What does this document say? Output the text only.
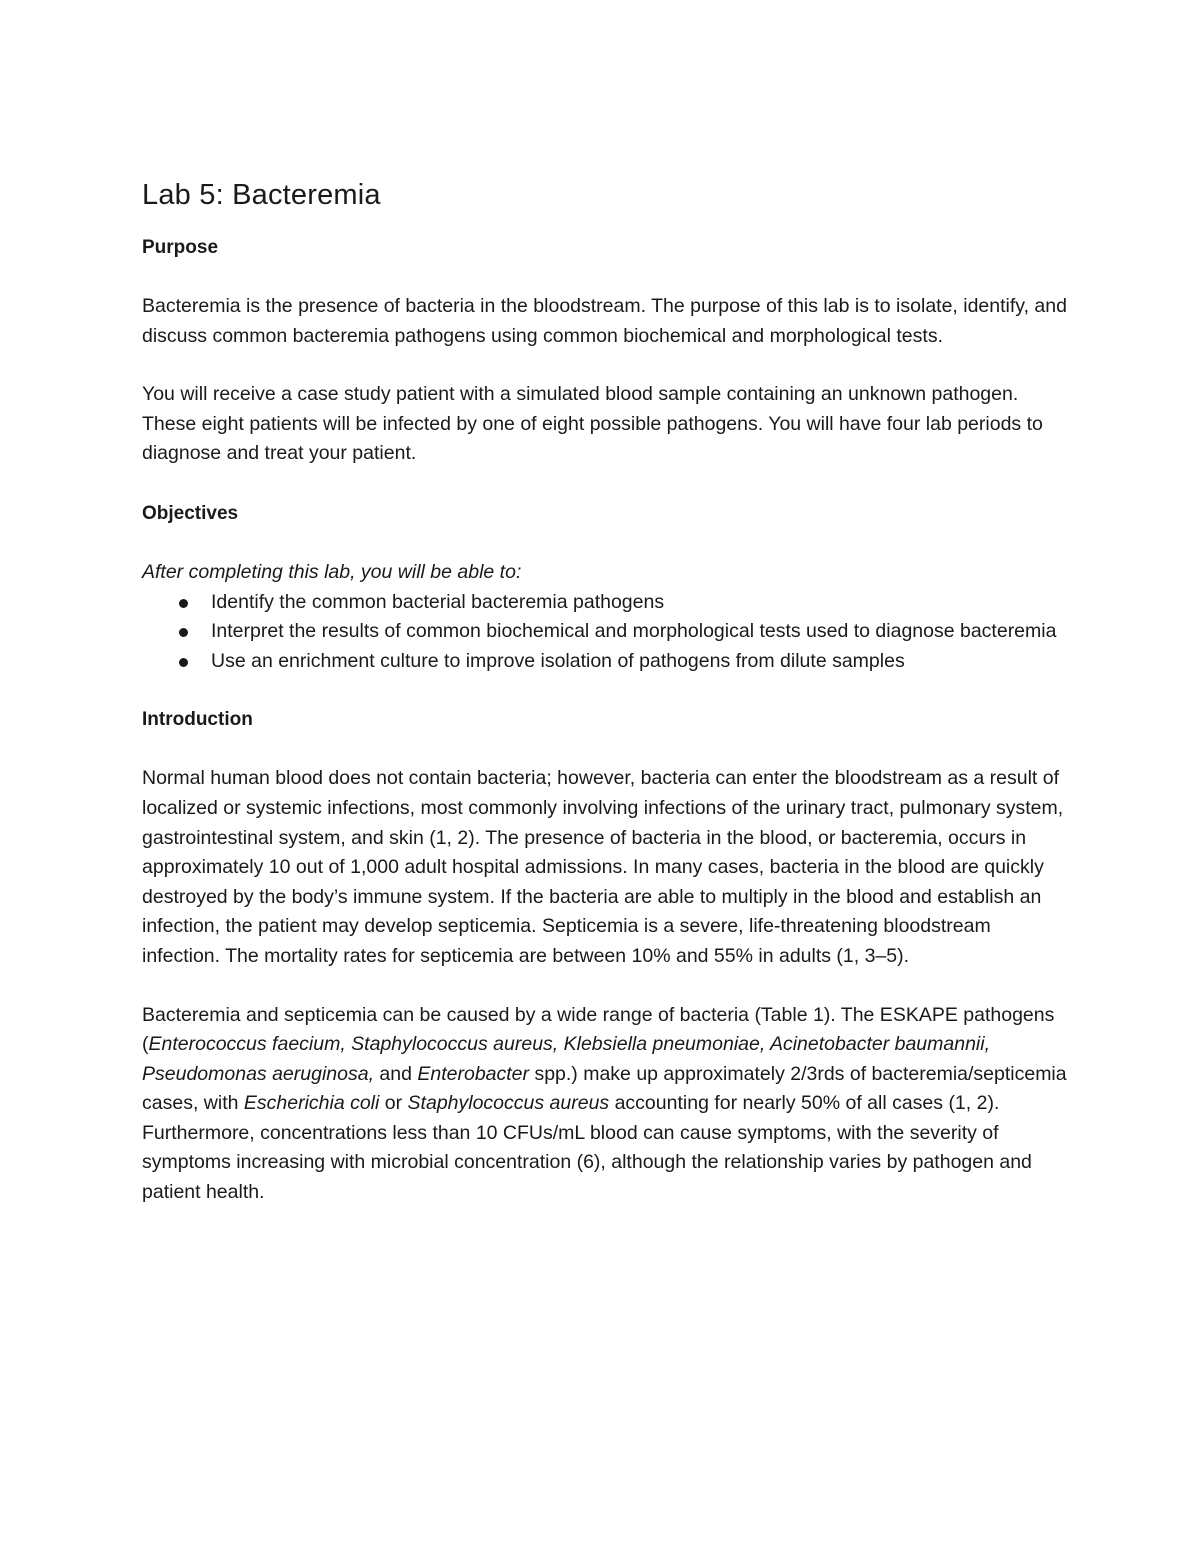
Lab 5: Bacteremia
Purpose

Bacteremia is the presence of bacteria in the bloodstream. The purpose of this lab is to isolate, identify, and discuss common bacteremia pathogens using common biochemical and morphological tests.

You will receive a case study patient with a simulated blood sample containing an unknown pathogen. These eight patients will be infected by one of eight possible pathogens. You will have four lab periods to diagnose and treat your patient.

Objectives

After completing this lab, you will be able to:

Identify the common bacterial bacteremia pathogens
Interpret the results of common biochemical and morphological tests used to diagnose bacteremia
Use an enrichment culture to improve isolation of pathogens from dilute samples
Introduction

Normal human blood does not contain bacteria; however, bacteria can enter the bloodstream as a result of localized or systemic infections, most commonly involving infections of the urinary tract, pulmonary system, gastrointestinal system, and skin (1, 2). The presence of bacteria in the blood, or bacteremia, occurs in approximately 10 out of 1,000 adult hospital admissions. In many cases, bacteria in the blood are quickly destroyed by the body’s immune system. If the bacteria are able to multiply in the blood and establish an infection, the patient may develop septicemia. Septicemia is a severe, life-threatening bloodstream infection. The mortality rates for septicemia are between 10% and 55% in adults (1, 3–5).

Bacteremia and septicemia can be caused by a wide range of bacteria (Table 1). The ESKAPE pathogens (Enterococcus faecium, Staphylococcus aureus, Klebsiella pneumoniae, Acinetobacter baumannii, Pseudomonas aeruginosa, and Enterobacter spp.) make up approximately 2/3rds of bacteremia/septicemia cases, with Escherichia coli or Staphylococcus aureus accounting for nearly 50% of all cases (1, 2). Furthermore, concentrations less than 10 CFUs/mL blood can cause symptoms, with the severity of symptoms increasing with microbial concentration (6), although the relationship varies by pathogen and patient health.
